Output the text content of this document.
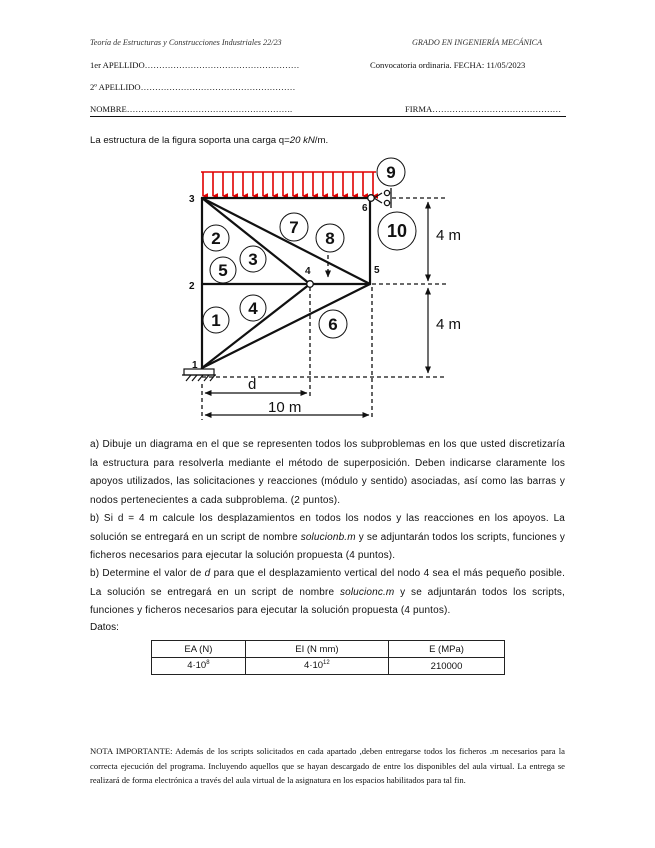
Teoría de Estructuras y Construcciones Industriales 22/23	GRADO EN INGENIERÍA MECÁNICA
1er APELLIDO………………………………………………	Convocatoria ordinaria. FECHA: 11/05/2023
2º APELLIDO………………………………………………
NOMBRE………………………………………………….	FIRMA………………………………………
La estructura de la figura soporta una carga q=20 kN/m.
1
2
3
4
5
6
7
8
9
10
1
2
3
4	5
6
4 m
4 m
d
10 m
a) Dibuje un diagrama en el que se representen todos los subproblemas en los que usted discretizaría la estructura para resolverla mediante el método de superposición. Deben indicarse claramente los apoyos utilizados, las solicitaciones y reacciones (módulo y sentido) asociadas, así como las barras y nodos pertenecientes a cada subproblema. (2 puntos).
b) Si d = 4 m calcule los desplazamientos en todos los nodos y las reacciones en los apoyos. La solución se entregará en un script de nombre solucionb.m y se adjuntarán todos los scripts, funciones y ficheros necesarios para ejecutar la solución propuesta (4 puntos).
b) Determine el valor de d para que el desplazamiento vertical del nodo 4 sea el más pequeño posible. La solución se entregará en un script de nombre solucionc.m y se adjuntarán todos los scripts, funciones y ficheros necesarios para ejecutar la solución propuesta (4 puntos).
Datos:
EA (N)	EI (N mm)	E (MPa)
$4\cdot 10^8$	$4\cdot 10^{12}$	210000
NOTA IMPORTANTE: Además de los scripts solicitados en cada apartado ,deben entregarse todos los ficheros .m necesarios para la correcta ejecución del programa. Incluyendo aquellos que se hayan descargado de entre los disponibles del aula virtual. La entrega se realizará de forma electrónica a través del aula virtual de la asignatura en los espacios habilitados para tal fin.
